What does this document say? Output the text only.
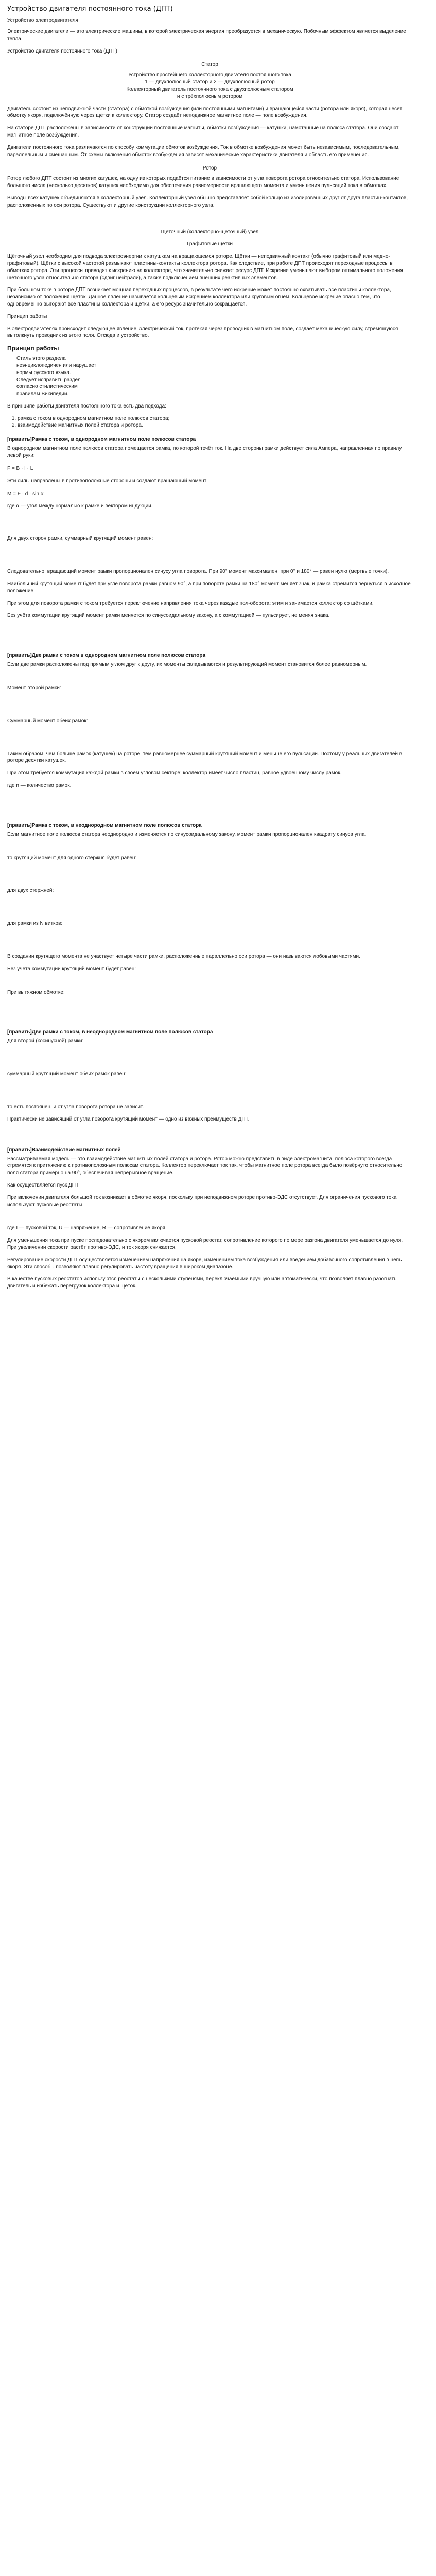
Устройство двигателя постоянного тока (ДПТ)
Устройство электродвигателя

Электрические двигатели — это электрические машины, в которой электрическая энергия преобразуется в механическую. Побочным эффектом является выделение тепла.

Устройство двигателя постоянного тока (ДПТ)

Статор
Устройство простейшего коллекторного двигателя постоянного тока
1 — двухполюсный статор и 2 — двухполюсный ротор
Коллекторный двигатель постоянного тока с двухполюсным статором
и с трёхполюсным ротором

Двигатель состоит из неподвижной части (статора) с обмоткой возбуждения (или постоянными магнитами) и вращающейся части (ротора или якоря), которая несёт обмотку якоря, подключённую через щётки к коллектору. Статор создаёт неподвижное магнитное поле — поле возбуждения.

На статоре ДПТ расположены в зависимости от конструкции постоянные магниты, обмотки возбуждения — катушки, намотанные на полюса статора. Они создают магнитное поле возбуждения.

Двигатели постоянного тока различаются по способу коммутации обмоток возбуждения. Ток в обмотке возбуждения может быть независимым, последовательным, параллельным и смешанным. От схемы включения обмоток возбуждения зависят механические характеристики двигателя и область его применения.

Ротор

Ротор любого ДПТ состоит из многих катушек, на одну из которых подаётся питание в зависимости от угла поворота ротора относительно статора. Использование большого числа (несколько десятков) катушек необходимо для обеспечения равномерности вращающего момента и уменьшения пульсаций тока в обмотках.

Выводы всех катушек объединяются в коллекторный узел. Коллекторный узел обычно представляет собой кольцо из изолированных друг от друга пластин-контактов, расположенных по оси ротора. Существуют и другие конструкции коллекторного узла.

Щёточный (коллекторно-щёточный) узел
Графитовые щётки

Щёточный узел необходим для подвода электроэнергии к катушкам на вращающемся роторе. Щётки — неподвижный контакт (обычно графитовый или медно-графитовый). Щётки с высокой частотой размыкают пластины-контакты коллектора ротора. Как следствие, при работе ДПТ происходят переходные процессы в обмотках ротора. Эти процессы приводят к искрению на коллекторе, что значительно снижает ресурс ДПТ. Искрение уменьшают выбором оптимального положения щёточного узла относительно статора (сдвиг нейтрали), а также подключением внешних реактивных элементов.

При большом токе в роторе ДПТ возникает мощная переходных процессов, в результате чего искрение может постоянно охватывать все пластины коллектора, независимо от положения щёток. Данное явление называется кольцевым искрением коллектора или круговым огнём. Кольцевое искрение опасно тем, что одновременно выгорают все пластины коллектора и щётки, а его ресурс значительно сокращается.

Принцип работы

В электродвигателях происходит следующее явление: электрический ток, протекая через проводник в магнитном поле, создаёт механическую силу, стремящуюся вытолкнуть проводник из этого поля. Отсюда и устройство.

Принцип работы
Стиль этого раздела
неэнциклопедичен или нарушает
нормы русского языка.
Следует исправить раздел
согласно стилистическим
правилам Википедии.

В принципе работы двигателя постоянного тока есть два подхода:

1. рамка с током в однородном магнитном поле полюсов статора;
2. взаимодействие магнитных полей статора и ротора.
[править]Рамка с током, в однородном магнитном поле полюсов статора

В однородном магнитном поле полюсов статора помещается рамка, по которой течёт ток. На две стороны рамки действует сила Ампера, направленная по правилу левой руки:

F = B · I · L

Эти силы направлены в противоположные стороны и создают вращающий момент:

M = F · d · sin α

где α — угол между нормалью к рамке и вектором индукции.

Для двух сторон рамки, суммарный крутящий момент равен:

Следовательно, вращающий момент рамки пропорционален синусу угла поворота. При 90° момент максимален, при 0° и 180° — равен нулю (мёртвые точки).

Наибольший крутящий момент будет при угле поворота рамки равном 90°, а при повороте рамки на 180° момент меняет знак, и рамка стремится вернуться в исходное положение.

При этом для поворота рамки с током требуется переключение направления тока через каждые пол-оборота: этим и занимается коллектор со щётками.

Без учёта коммутации крутящий момент рамки меняется по синусоидальному закону, а с коммутацией — пульсирует, не меняя знака.

[править]Две рамки с током в однородном магнитном поле полюсов статора

Если две рамки расположены под прямым углом друг к другу, их моменты складываются и результирующий момент становится более равномерным.

Момент второй рамки:

Суммарный момент обеих рамок:

Таким образом, чем больше рамок (катушек) на роторе, тем равномернее суммарный крутящий момент и меньше его пульсации. Поэтому у реальных двигателей в роторе десятки катушек.

При этом требуется коммутация каждой рамки в своём угловом секторе; коллектор имеет число пластин, равное удвоенному числу рамок.

где n — количество рамок.

[править]Рамка с током, в неоднородном магнитном поле полюсов статора

Если магнитное поле полюсов статора неоднородно и изменяется по синусоидальному закону, момент рамки пропорционален квадрату синуса угла.

то крутящий момент для одного стержня будет равен:

для двух стержней:

для рамки из N витков:

В создании крутящего момента не участвует четыре части рамки, расположенные параллельно оси ротора — они называются лобовыми частями.

Без учёта коммутации крутящий момент будет равен:

При вытяжном обмотке:

[править]Две рамки с током, в неоднородном магнитном поле полюсов статора

Для второй (косинусной) рамки:

суммарный крутящий момент обеих рамок равен:

то есть постоянен, и от угла поворота ротора не зависит.

Практически не зависящий от угла поворота крутящий момент — одно из важных преимуществ ДПТ.

[править]Взаимодействие магнитных полей

Рассматриваемая модель — это взаимодействие магнитных полей статора и ротора. Ротор можно представить в виде электромагнита, полюса которого всегда стремятся к притяжению к противоположным полюсам статора. Коллектор переключает ток так, чтобы магнитное поле ротора всегда было повёрнуто относительно поля статора примерно на 90°, обеспечивая непрерывное вращение.

Как осуществляется пуск ДПТ

При включении двигателя большой ток возникает в обмотке якоря, поскольку при неподвижном роторе противо-ЭДС отсутствует. Для ограничения пускового тока используют пусковые реостаты.

где I — пусковой ток, U — напряжение, R — сопротивление якоря.

Для уменьшения тока при пуске последовательно с якорем включается пусковой реостат, сопротивление которого по мере разгона двигателя уменьшается до нуля. При увеличении скорости растёт противо-ЭДС, и ток якоря снижается.

Регулирование скорости ДПТ осуществляется изменением напряжения на якоре, изменением тока возбуждения или введением добавочного сопротивления в цепь якоря. Эти способы позволяют плавно регулировать частоту вращения в широком диапазоне.

В качестве пусковых реостатов используются реостаты с несколькими ступенями, переключаемыми вручную или автоматически, что позволяет плавно разогнать двигатель и избежать перегрузок коллектора и щёток.
